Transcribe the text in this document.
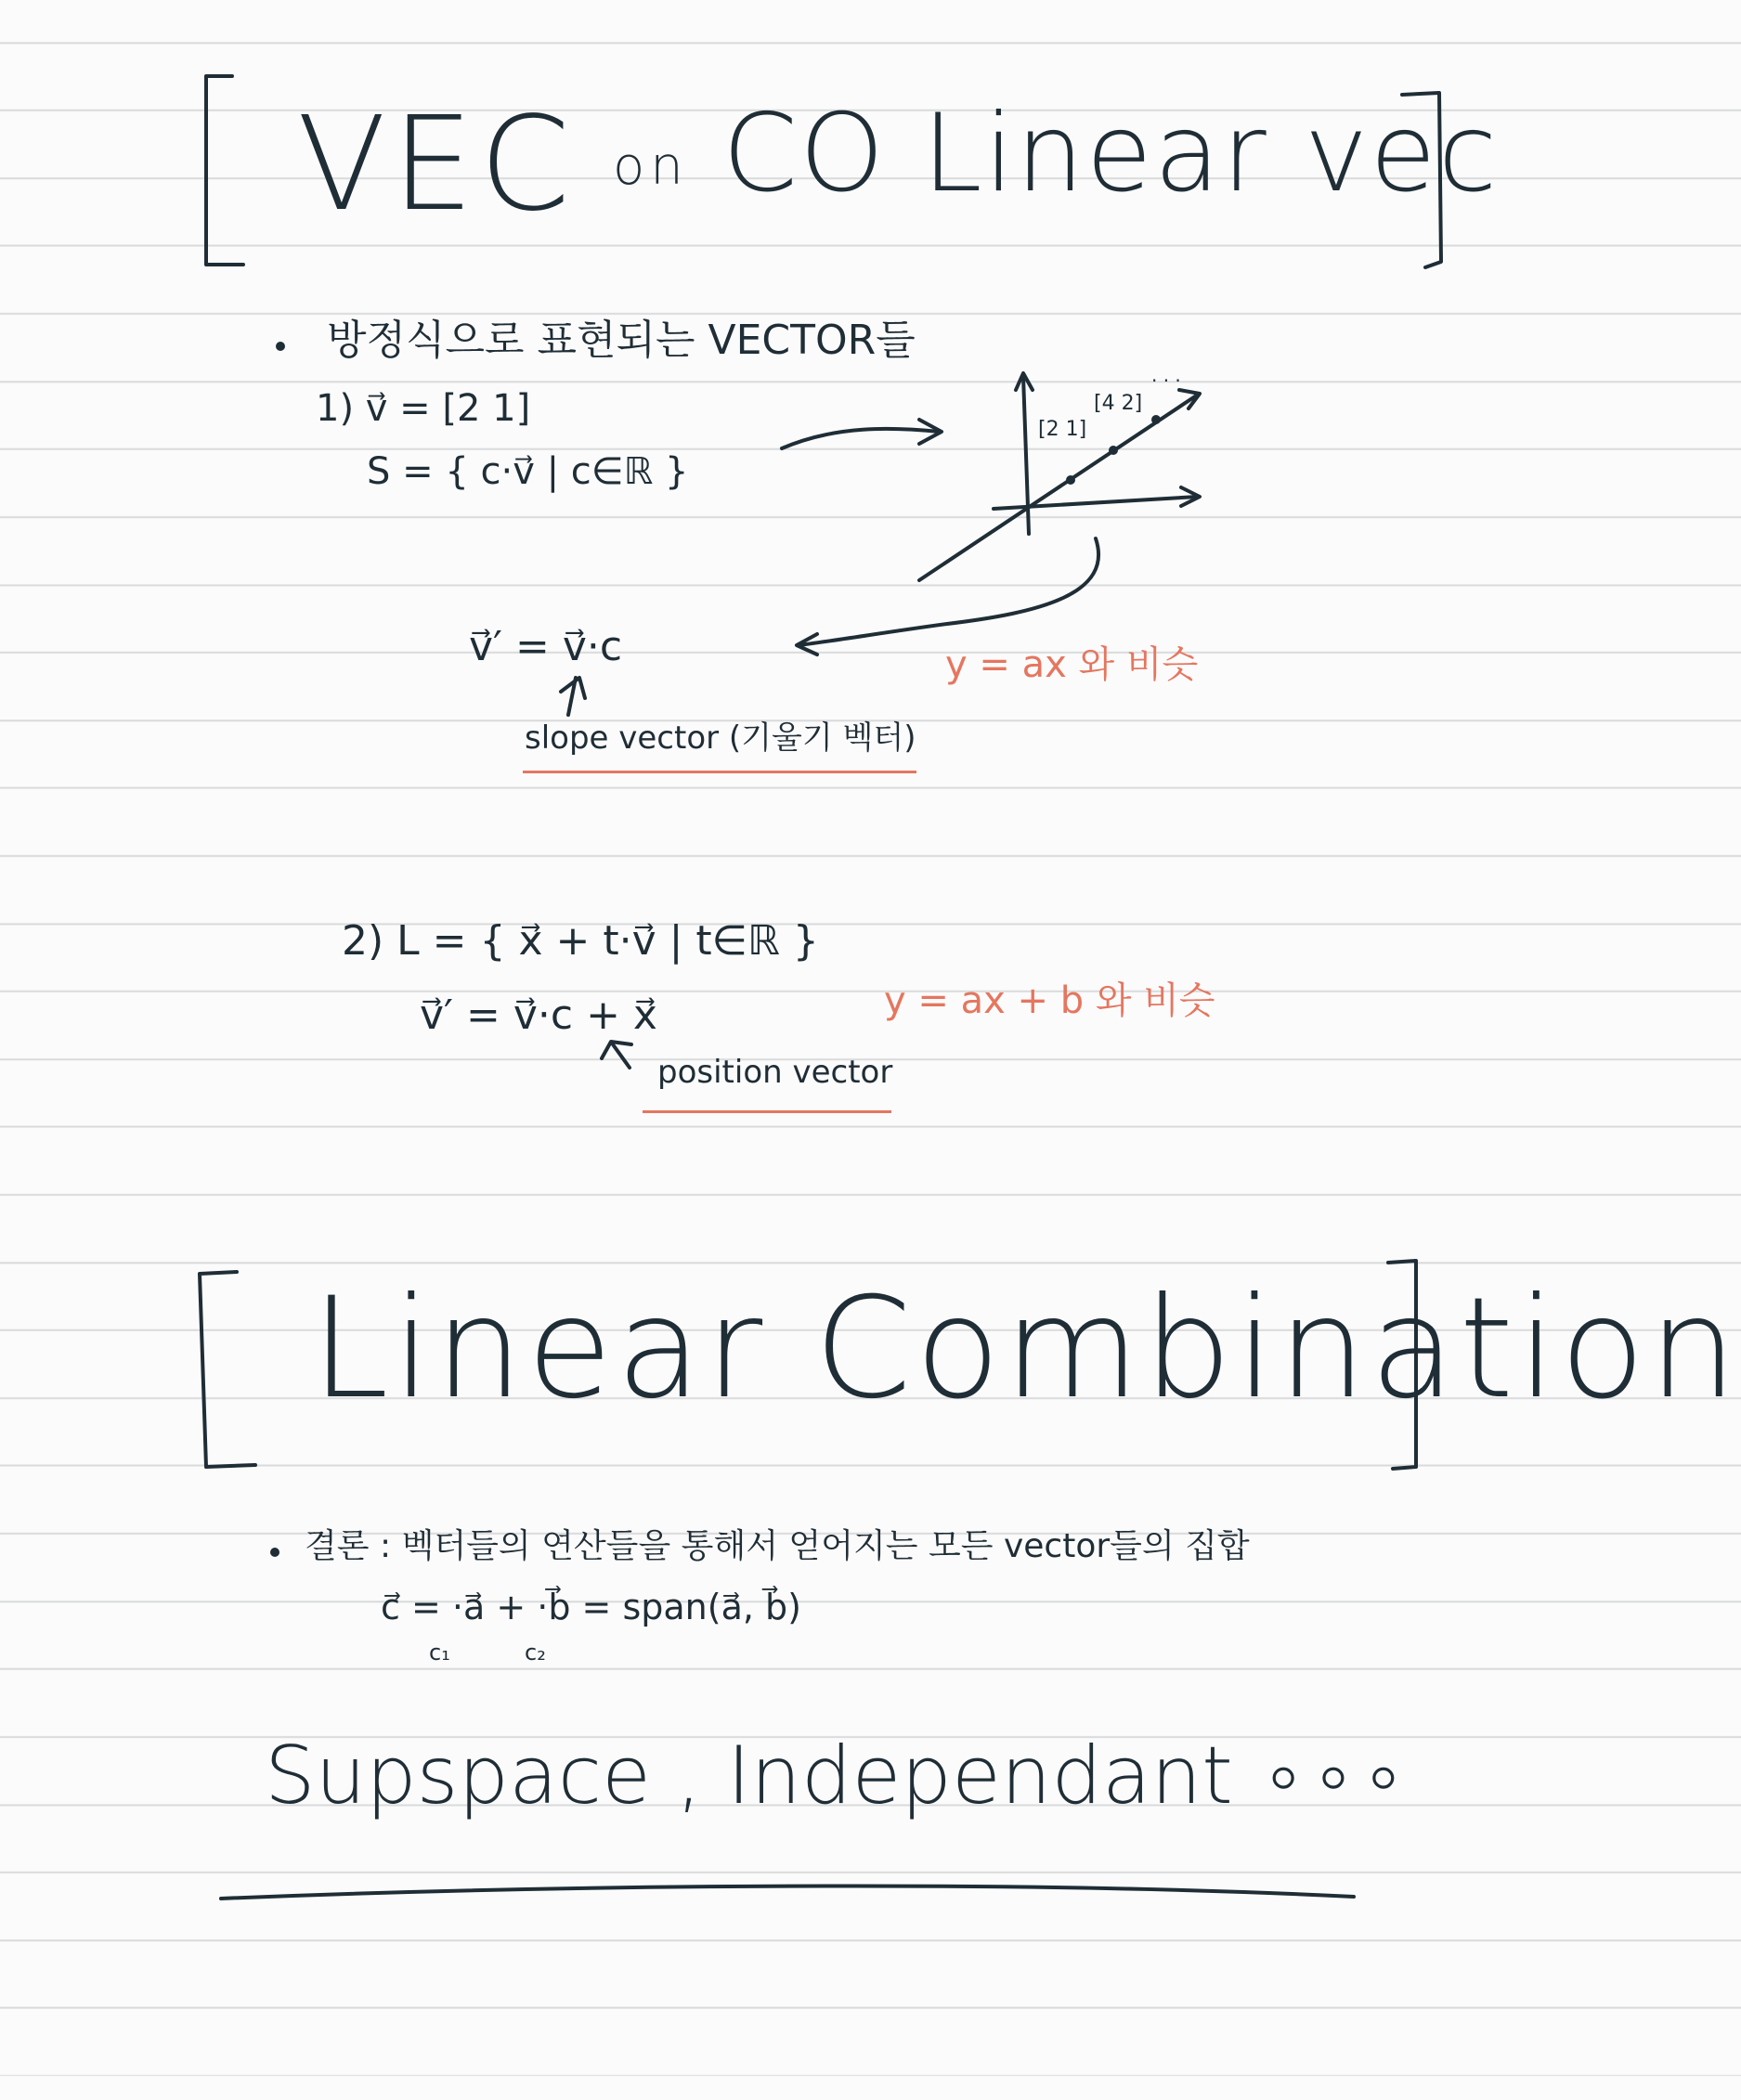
VEC on CO Linear vec
방정식으로 표현되는 VECTOR들
1) v⃗ = [2 1]
S = { c·v⃗ | c∈ℝ }
[2 1]
[4 2]
· · ·
v⃗′ = v⃗·c
slope vector (기울기 벡터)
y = ax 와 비슷
2) L = { x⃗ + t·v⃗ | t∈ℝ }
v⃗′ = v⃗·c + x⃗
position vector
y = ax + b 와 비슷
Linear Combination
결론 : 벡터들의 연산들을 통해서 얻어지는 모든 vector들의 집합
c⃗ = ·a⃗ + ·b⃗ = span(a⃗, b⃗)
c₁	c₂
Supspace , Independant ∘∘∘
